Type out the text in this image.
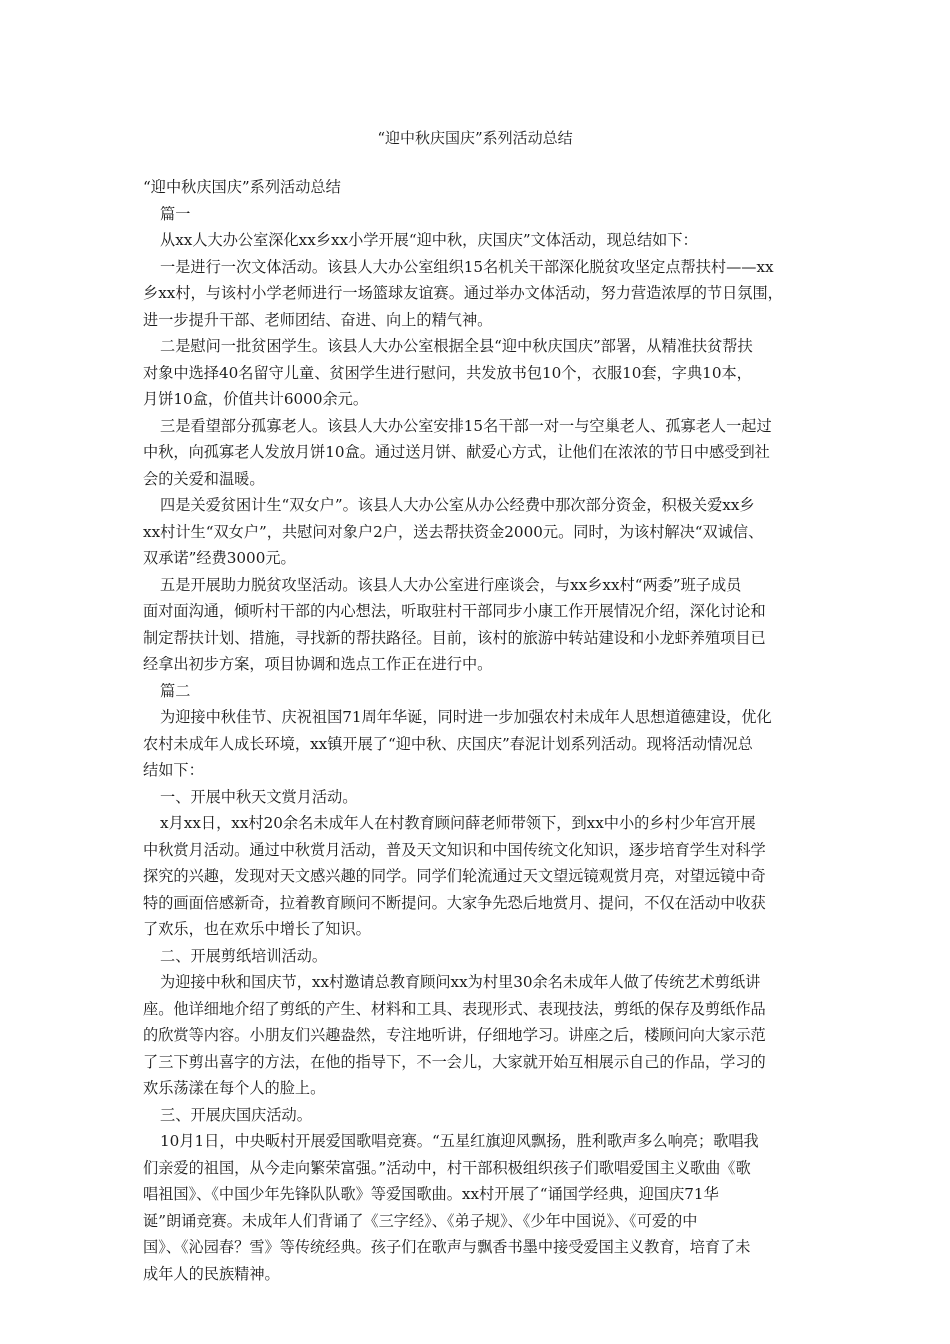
“迎中秋庆国庆”系列活动总结

“迎中秋庆国庆”系列活动总结

篇一

从xx人大办公室深化xx乡xx小学开展“迎中秋，庆国庆”文体活动，现总结如下：

一是进行一次文体活动。该县人大办公室组织15名机关干部深化脱贫攻坚定点帮扶村——xx

乡xx村，与该村小学老师进行一场篮球友谊赛。通过举办文体活动，努力营造浓厚的节日氛围，

进一步提升干部、老师团结、奋进、向上的精气神。

二是慰问一批贫困学生。该县人大办公室根据全县“迎中秋庆国庆”部署，从精准扶贫帮扶

对象中选择40名留守儿童、贫困学生进行慰问，共发放书包10个，衣服10套，字典10本，

月饼10盒，价值共计6000余元。

三是看望部分孤寡老人。该县人大办公室安排15名干部一对一与空巢老人、孤寡老人一起过

中秋，向孤寡老人发放月饼10盒。通过送月饼、献爱心方式，让他们在浓浓的节日中感受到社

会的关爱和温暖。

四是关爱贫困计生“双女户”。该县人大办公室从办公经费中那次部分资金，积极关爱xx乡

xx村计生“双女户”，共慰问对象户2户，送去帮扶资金2000元。同时，为该村解决“双诚信、

双承诺”经费3000元。

五是开展助力脱贫攻坚活动。该县人大办公室进行座谈会，与xx乡xx村“两委”班子成员

面对面沟通，倾听村干部的内心想法，听取驻村干部同步小康工作开展情况介绍，深化讨论和

制定帮扶计划、措施，寻找新的帮扶路径。目前，该村的旅游中转站建设和小龙虾养殖项目已

经拿出初步方案，项目协调和选点工作正在进行中。

篇二

为迎接中秋佳节、庆祝祖国71周年华诞，同时进一步加强农村未成年人思想道德建设，优化

农村未成年人成长环境，xx镇开展了“迎中秋、庆国庆”春泥计划系列活动。现将活动情况总

结如下：

一、开展中秋天文赏月活动。

x月xx日，xx村20余名未成年人在村教育顾问薛老师带领下，到xx中小的乡村少年宫开展

中秋赏月活动。通过中秋赏月活动，普及天文知识和中国传统文化知识，逐步培育学生对科学

探究的兴趣，发现对天文感兴趣的同学。同学们轮流通过天文望远镜观赏月亮，对望远镜中奇

特的画面倍感新奇，拉着教育顾问不断提问。大家争先恐后地赏月、提问，不仅在活动中收获

了欢乐，也在欢乐中增长了知识。

二、开展剪纸培训活动。

为迎接中秋和国庆节，xx村邀请总教育顾问xx为村里30余名未成年人做了传统艺术剪纸讲

座。他详细地介绍了剪纸的产生、材料和工具、表现形式、表现技法，剪纸的保存及剪纸作品

的欣赏等内容。小朋友们兴趣盎然，专注地听讲，仔细地学习。讲座之后，楼顾问向大家示范

了三下剪出喜字的方法，在他的指导下，不一会儿，大家就开始互相展示自己的作品，学习的

欢乐荡漾在每个人的脸上。

三、开展庆国庆活动。

10月1日，中央畈村开展爱国歌唱竞赛。“五星红旗迎风飘扬，胜利歌声多么响亮；歌唱我

们亲爱的祖国，从今走向繁荣富强。”活动中，村干部积极组织孩子们歌唱爱国主义歌曲《歌

唱祖国》、《中国少年先锋队队歌》等爱国歌曲。xx村开展了“诵国学经典，迎国庆71华

诞”朗诵竞赛。未成年人们背诵了《三字经》、《弟子规》、《少年中国说》、《可爱的中

国》、《沁园春？雪》等传统经典。孩子们在歌声与飘香书墨中接受爱国主义教育，培育了未

成年人的民族精神。
